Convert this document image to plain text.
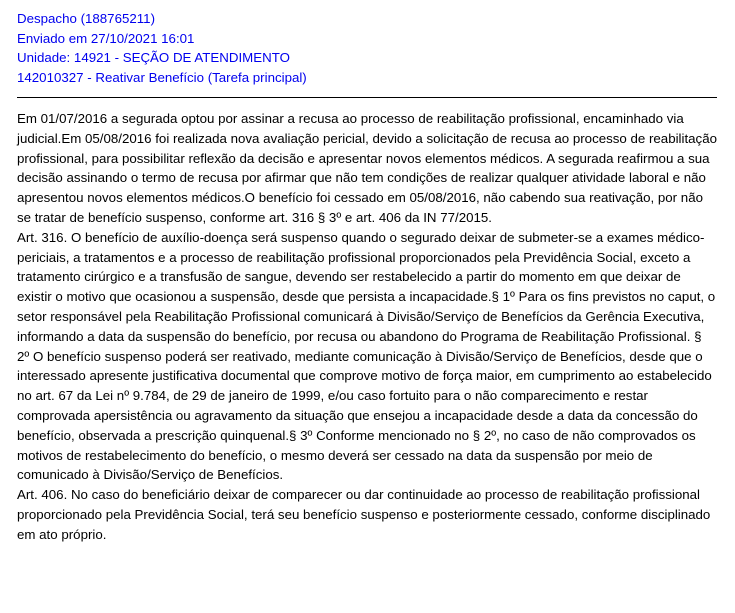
Despacho (188765211)
Enviado em 27/10/2021 16:01
Unidade: 14921 - SEÇÃO DE ATENDIMENTO
142010327 - Reativar Benefício (Tarefa principal)

Em 01/07/2016 a segurada optou por assinar a recusa ao processo de reabilitação profissional, encaminhado via judicial.Em 05/08/2016 foi realizada nova avaliação pericial, devido a solicitação de recusa ao processo de reabilitação profissional, para possibilitar reflexão da decisão e apresentar novos elementos médicos. A segurada reafirmou a sua decisão assinando o termo de recusa por afirmar que não tem condições de realizar qualquer atividade laboral e não apresentou novos elementos médicos.O benefício foi cessado em 05/08/2016, não cabendo sua reativação, por não se tratar de benefício suspenso, conforme art. 316 § 3º e art. 406 da IN 77/2015.

Art. 316. O benefício de auxílio-doença será suspenso quando o segurado deixar de submeter-se a exames médico-periciais, a tratamentos e a processo de reabilitação profissional proporcionados pela Previdência Social, exceto a tratamento cirúrgico e a transfusão de sangue, devendo ser restabelecido a partir do momento em que deixar de existir o motivo que ocasionou a suspensão, desde que persista a incapacidade.§ 1º Para os fins previstos no caput, o setor responsável pela Reabilitação Profissional comunicará à Divisão/Serviço de Benefícios da Gerência Executiva, informando a data da suspensão do benefício, por recusa ou abandono do Programa de Reabilitação Profissional. § 2º O benefício suspenso poderá ser reativado, mediante comunicação à Divisão/Serviço de Benefícios, desde que o interessado apresente justificativa documental que comprove motivo de força maior, em cumprimento ao estabelecido no art. 67 da Lei nº 9.784, de 29 de janeiro de 1999, e/ou caso fortuito para o não comparecimento e restar comprovada apersistência ou agravamento da situação que ensejou a incapacidade desde a data da concessão do benefício, observada a prescrição quinquenal.§ 3º Conforme mencionado no § 2º, no caso de não comprovados os motivos de restabelecimento do benefício, o mesmo deverá ser cessado na data da suspensão por meio de comunicado à Divisão/Serviço de Benefícios.

Art. 406. No caso do beneficiário deixar de comparecer ou dar continuidade ao processo de reabilitação profissional proporcionado pela Previdência Social, terá seu benefício suspenso e posteriormente cessado, conforme disciplinado em ato próprio.
